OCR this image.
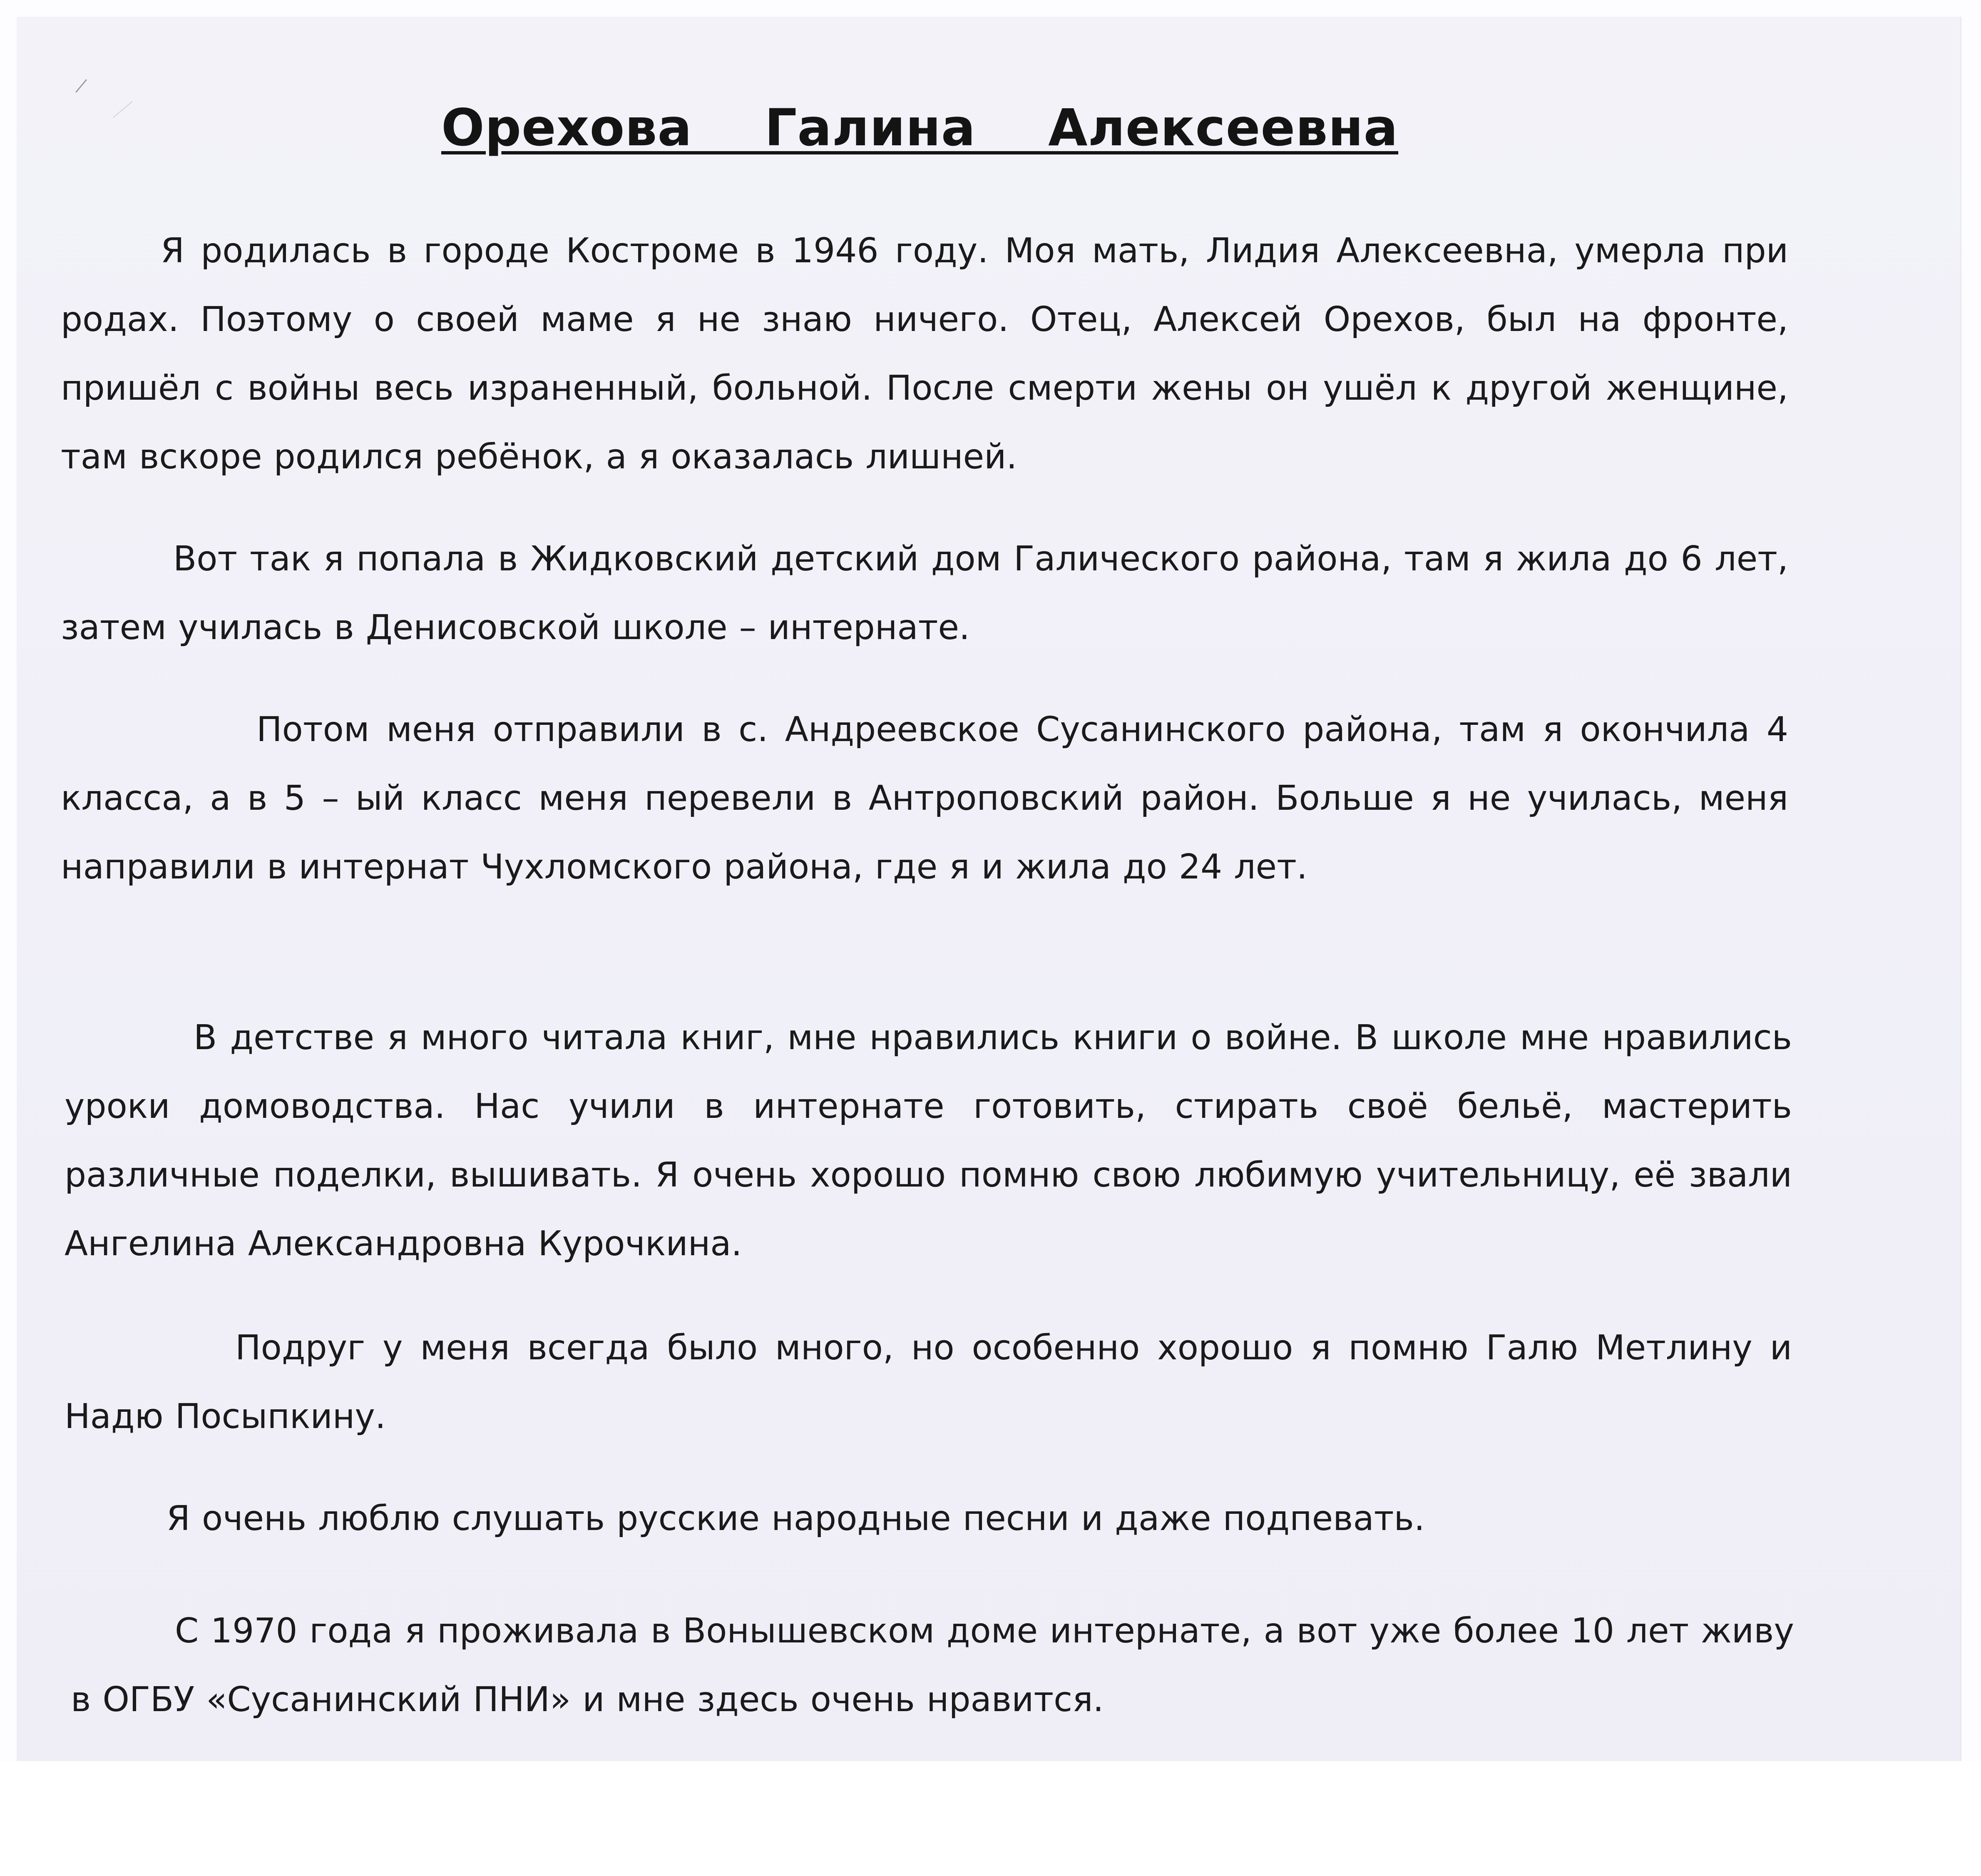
Орехова    Галина    Алексеевна

Я родилась в городе Костроме в 1946 году. Моя мать, Лидия Алексеевна, умерла при родах. Поэтому о своей маме я не знаю ничего. Отец, Алексей Орехов, был на фронте, пришёл с войны весь израненный, больной. После смерти жены он ушёл к другой женщине, там вскоре родился ребёнок, а я оказалась лишней.

Вот так я попала в Жидковский детский дом Галического района, там я жила до 6 лет, затем училась в Денисовской школе – интернате.

Потом меня отправили в с. Андреевское Сусанинского района, там я окончила 4 класса, а в 5 – ый класс меня перевели в Антроповский район. Больше я не училась, меня направили в интернат Чухломского района, где я и жила до 24 лет.

В детстве я много читала книг, мне нравились книги о войне. В школе мне нравились уроки домоводства. Нас учили в интернате готовить, стирать своё бельё, мастерить различные поделки, вышивать. Я очень хорошо помню свою любимую учительницу, её звали Ангелина Александровна Курочкина.

Подруг у меня всегда было много, но особенно хорошо я помню Галю Метлину и Надю Посыпкину.

Я очень люблю слушать русские народные песни и даже подпевать.

С 1970 года я проживала в Вонышевском доме интернате, а вот уже более 10 лет живу в ОГБУ «Сусанинский ПНИ» и мне здесь очень нравится.
